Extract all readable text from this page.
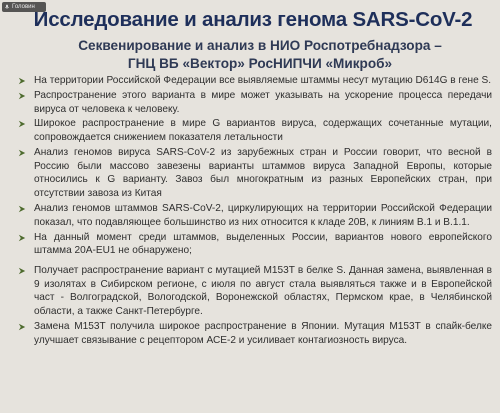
Головин
Исследование и анализ генома SARS-CoV-2
Секвенирование и анализ в НИО Роспотребнадзора –
ГНЦ ВБ «Вектор» РосНИПЧИ «Микроб»
На территории Российской Федерации все выявляемые штаммы несут мутацию D614G в гене S.
Распространение этого варианта в мире может указывать на ускорение процесса передачи вируса от человека к человеку.
Широкое распространение в мире G вариантов вируса, содержащих сочетанные мутации, сопровождается снижением показателя летальности
Анализ геномов вируса SARS-CoV-2 из зарубежных стран и России говорит, что весной в Россию были массово завезены варианты штаммов вируса Западной Европы, которые относились к G варианту. Завоз был многократным из разных Европейских стран, при отсутствии завоза из Китая
Анализ геномов штаммов SARS-CoV-2, циркулирующих на территории Российской Федерации показал, что подавляющее большинство из них относится к кладе 20В, к линиям B.1 и B.1.1.
На данный момент среди штаммов, выделенных России, вариантов нового европейского штамма 20A-EU1 не обнаружено;
Получает распространение вариант с мутацией M153T в белке S. Данная замена, выявленная в 9 изолятах в Сибирском регионе, с июля по август стала выявляться также и в Европейской част - Волгоградской, Вологодской, Воронежской областях, Пермском крае, в Челябинской области, а также Санкт-Петербурге.
Замена M153T получила широкое распространение в Японии. Мутация M153T в спайк-белке улучшает связывание с рецептором АСЕ-2 и усиливает контагиозность вируса.
